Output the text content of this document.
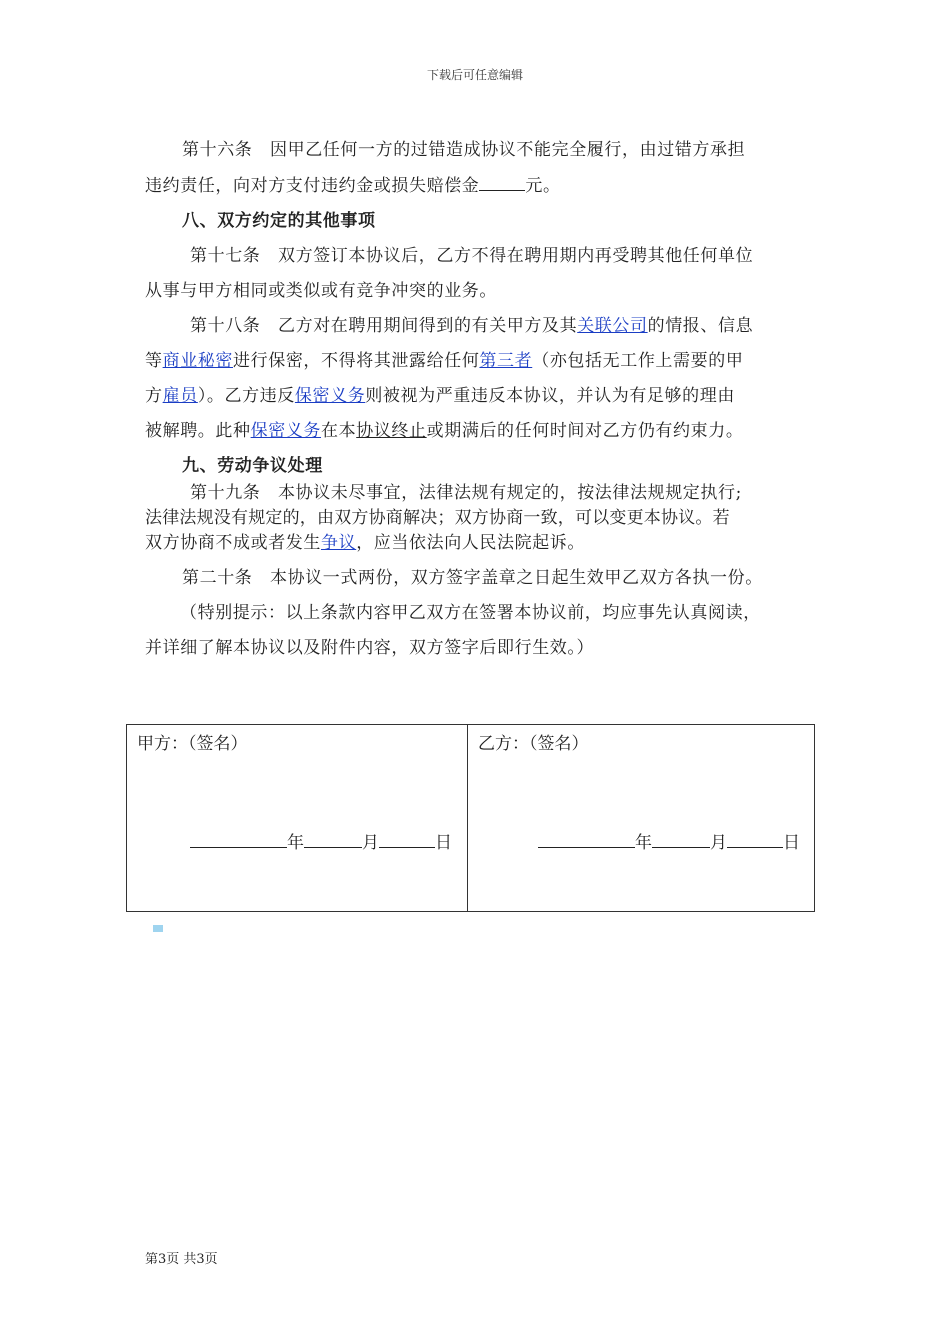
下载后可任意编辑
第十六条　因甲乙任何一方的过错造成协议不能完全履行，由过错方承担
违约责任，向对方支付违约金或损失赔偿金	元。
八、双方约定的其他事项
第十七条　双方签订本协议后，乙方不得在聘用期内再受聘其他任何单位
从事与甲方相同或类似或有竞争冲突的业务。
第十八条　乙方对在聘用期间得到的有关甲方及其关联公司的情报、信息
等商业秘密进行保密，不得将其泄露给任何第三者（亦包括无工作上需要的甲
方雇员）。乙方违反保密义务则被视为严重违反本协议，并认为有足够的理由
被解聘。此种保密义务在本协议终止或期满后的任何时间对乙方仍有约束力。
九、劳动争议处理
第十九条　本协议未尽事宜，法律法规有规定的，按法律法规规定执行;
法律法规没有规定的，由双方协商解决；双方协商一致，可以变更本协议。若
双方协商不成或者发生争议，应当依法向人民法院起诉。
第二十条　本协议一式两份，双方签字盖章之日起生效甲乙双方各执一份。
（特别提示：以上条款内容甲乙双方在签署本协议前，均应事先认真阅读，
并详细了解本协议以及附件内容，双方签字后即行生效。）
甲方：（签名）
年	月	日
乙方：（签名）
年	月	日
第3页 共3页
